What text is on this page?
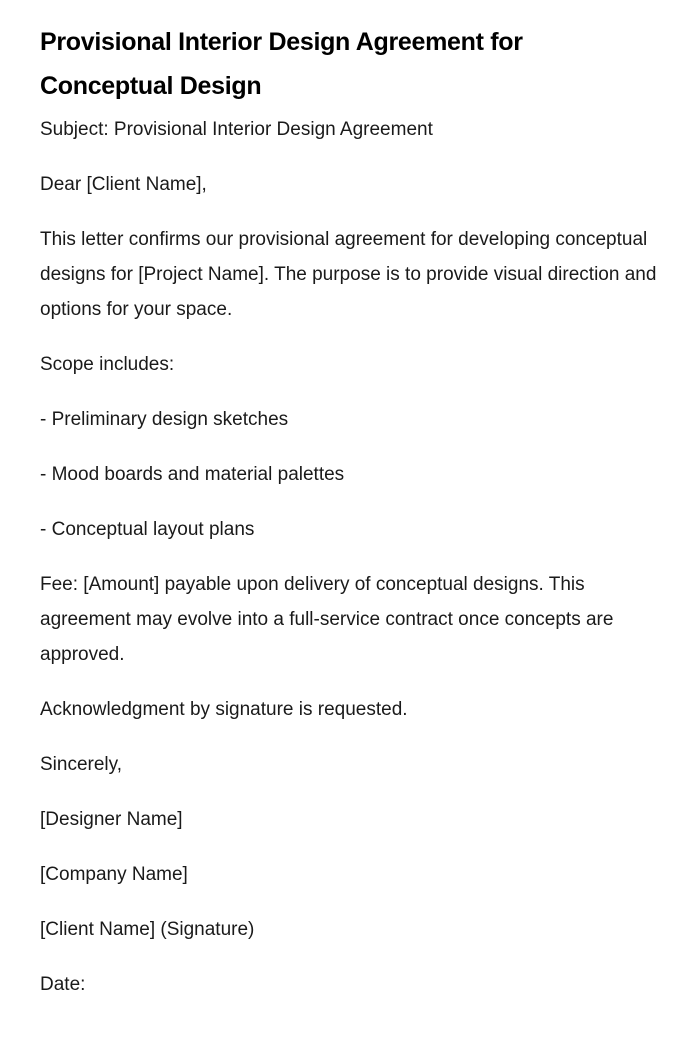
Provisional Interior Design Agreement for Conceptual Design

Subject: Provisional Interior Design Agreement

Dear [Client Name],

This letter confirms our provisional agreement for developing conceptual designs for [Project Name]. The purpose is to provide visual direction and options for your space.

Scope includes:

- Preliminary design sketches

- Mood boards and material palettes

- Conceptual layout plans

Fee: [Amount] payable upon delivery of conceptual designs. This agreement may evolve into a full-service contract once concepts are approved.

Acknowledgment by signature is requested.

Sincerely,

[Designer Name]

[Company Name]

[Client Name] (Signature)

Date:
